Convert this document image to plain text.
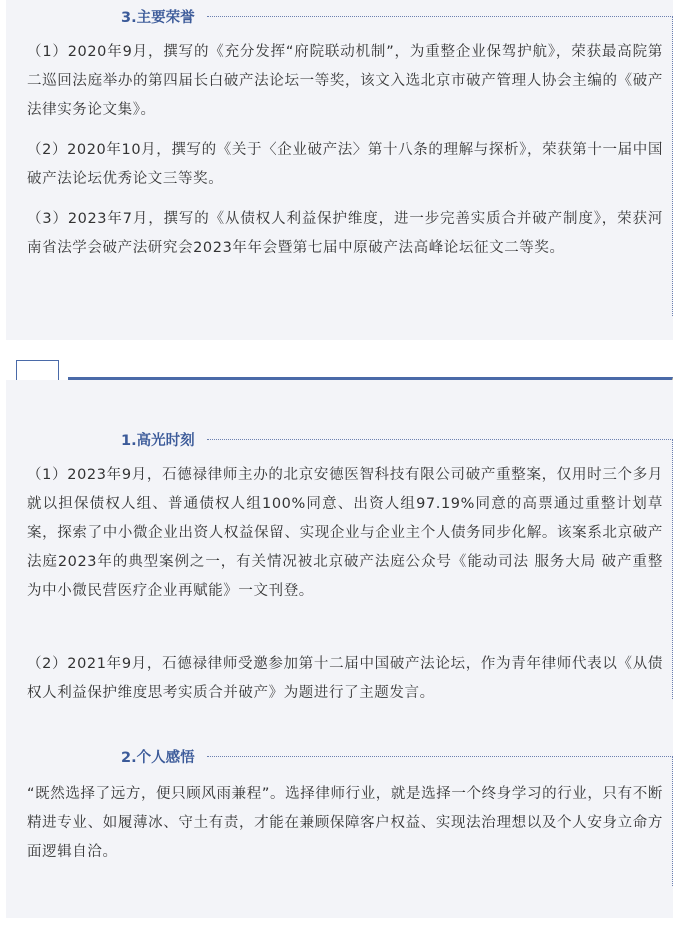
3.主要荣誉

（1）2020年9月，撰写的《充分发挥“府院联动机制”，为重整企业保驾护航》，荣获最高院第二巡回法庭举办的第四届长白破产法论坛一等奖，该文入选北京市破产管理人协会主编的《破产法律实务论文集》。

（2）2020年10月，撰写的《关于〈企业破产法〉第十八条的理解与探析》，荣获第十一届中国破产法论坛优秀论文三等奖。

（3）2023年7月，撰写的《从债权人利益保护维度，进一步完善实质合并破产制度》，荣获河南省法学会破产法研究会2023年年会暨第七届中原破产法高峰论坛征文二等奖。

1.高光时刻

（1）2023年9月，石德禄律师主办的北京安德医智科技有限公司破产重整案，仅用时三个多月就以担保债权人组、普通债权人组100%同意、出资人组97.19%同意的高票通过重整计划草案，探索了中小微企业出资人权益保留、实现企业与企业主个人债务同步化解。该案系北京破产法庭2023年的典型案例之一，有关情况被北京破产法庭公众号《能动司法 服务大局 破产重整为中小微民营医疗企业再赋能》一文刊登。

（2）2021年9月，石德禄律师受邀参加第十二届中国破产法论坛，作为青年律师代表以《从债权人利益保护维度思考实质合并破产》为题进行了主题发言。

2.个人感悟

“既然选择了远方，便只顾风雨兼程”。选择律师行业，就是选择一个终身学习的行业，只有不断精进专业、如履薄冰、守土有责，才能在兼顾保障客户权益、实现法治理想以及个人安身立命方面逻辑自洽。
